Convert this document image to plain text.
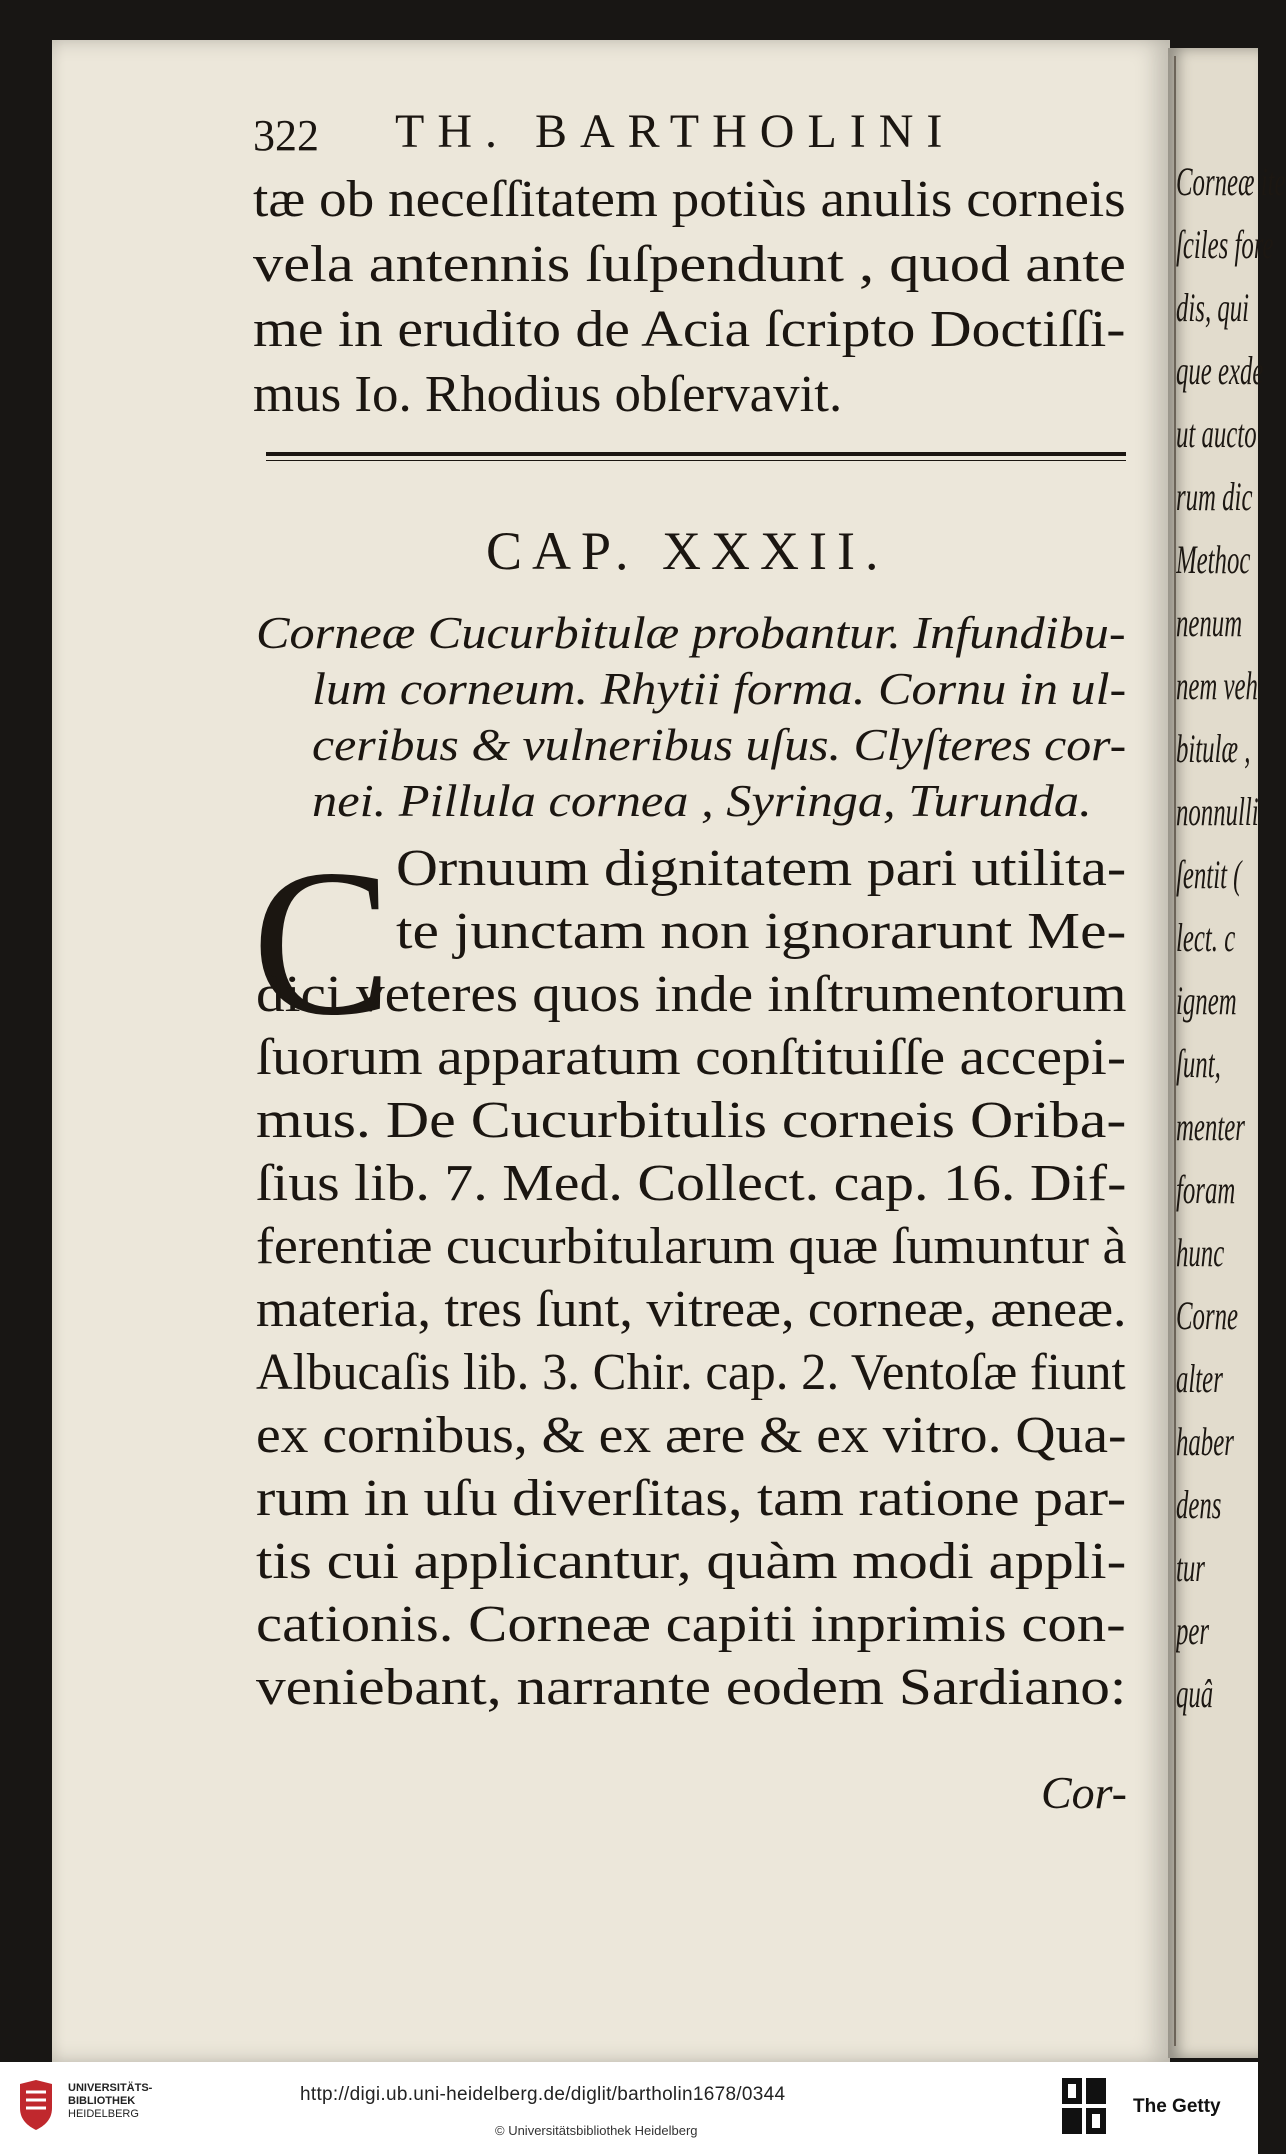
Corneæ ite
ſciles fore
dis, qui
que exde
ut aucto
rum dic
Methoc
nenum
nem veh
bitulæ ,
nonnulli
ſentit (
lect. c
ignem
ſunt,
menter
foram
hunc
Corne
alter
haber
dens
tur
per
quâ
322 TH. BARTHOLINI
tæ ob neceſſitatem potiùs anulis corneis
vela antennis ſuſpendunt , quod ante
me in erudito de Acia ſcripto Doctiſſi-
mus Io. Rhodius obſervavit.
CAP. XXXII.
Corneæ Cucurbitulæ probantur. Infundibu-
lum corneum. Rhytii forma. Cornu in ul-
ceribus & vulneribus uſus. Clyſteres cor-
nei. Pillula cornea , Syringa, Turunda.
C Ornuum dignitatem pari utilita-
te junctam non ignorarunt Me-
dici veteres quos inde inſtrumentorum
ſuorum apparatum conſtituiſſe accepi-
mus. De Cucurbitulis corneis Oriba-
ſius lib. 7. Med. Collect. cap. 16. Dif-
ferentiæ cucurbitularum quæ ſumuntur à
materia, tres ſunt, vitreæ, corneæ, æneæ.
Albucaſis lib. 3. Chir. cap. 2. Ventoſæ fiunt
ex cornibus, & ex ære & ex vitro. Qua-
rum in uſu diverſitas, tam ratione par-
tis cui applicantur, quàm modi appli-
cationis. Corneæ capiti inprimis con-
veniebant, narrante eodem Sardiano:
Cor-
UNIVERSITÄTS-
BIBLIOTHEK
HEIDELBERG
http://digi.ub.uni-heidelberg.de/diglit/bartholin1678/0344
© Universitätsbibliothek Heidelberg
The Getty
